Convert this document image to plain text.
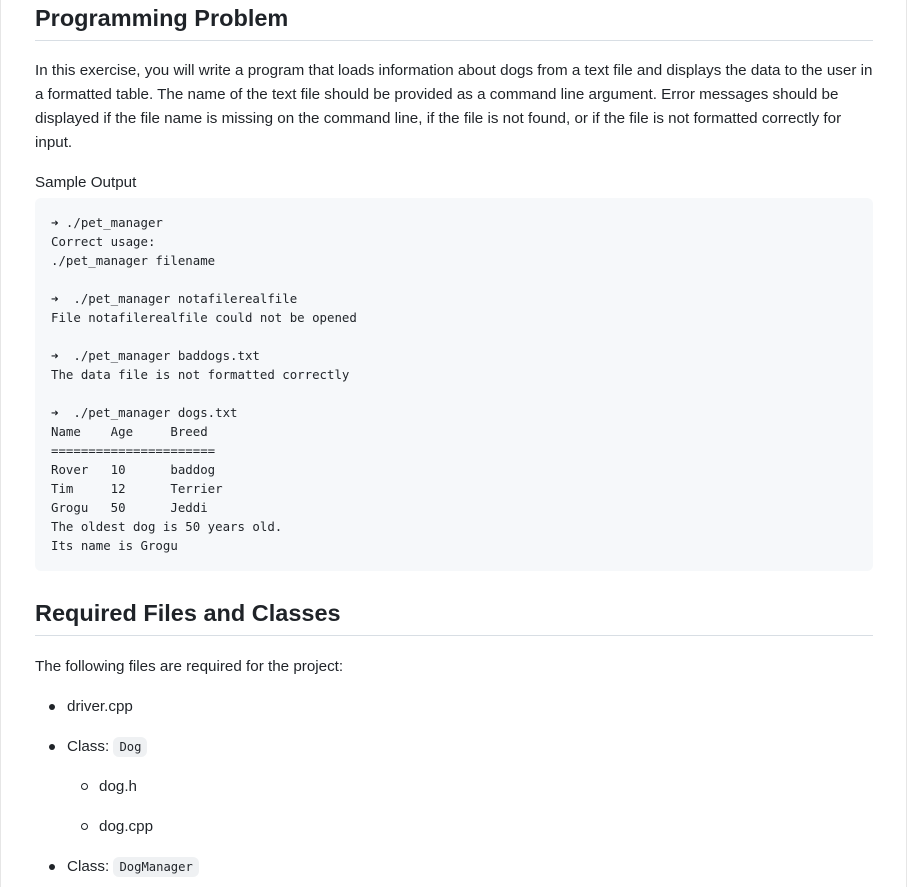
Programming Problem

In this exercise, you will write a program that loads information about dogs from a text file and displays the data to the user in a formatted table. The name of the text file should be provided as a command line argument. Error messages should be displayed if the file name is missing on the command line, if the file is not found, or if the file is not formatted correctly for input.

Sample Output

➜ ./pet_manager
Correct usage:
./pet_manager filename

➜  ./pet_manager notafilerealfile
File notafilerealfile could not be opened

➜  ./pet_manager baddogs.txt
The data file is not formatted correctly

➜  ./pet_manager dogs.txt
Name    Age     Breed
======================
Rover   10      baddog
Tim     12      Terrier
Grogu   50      Jeddi
The oldest dog is 50 years old.
Its name is Grogu
Required Files and Classes

The following files are required for the project:

driver.cpp
Class: Dog
dog.h
dog.cpp
Class: DogManager
